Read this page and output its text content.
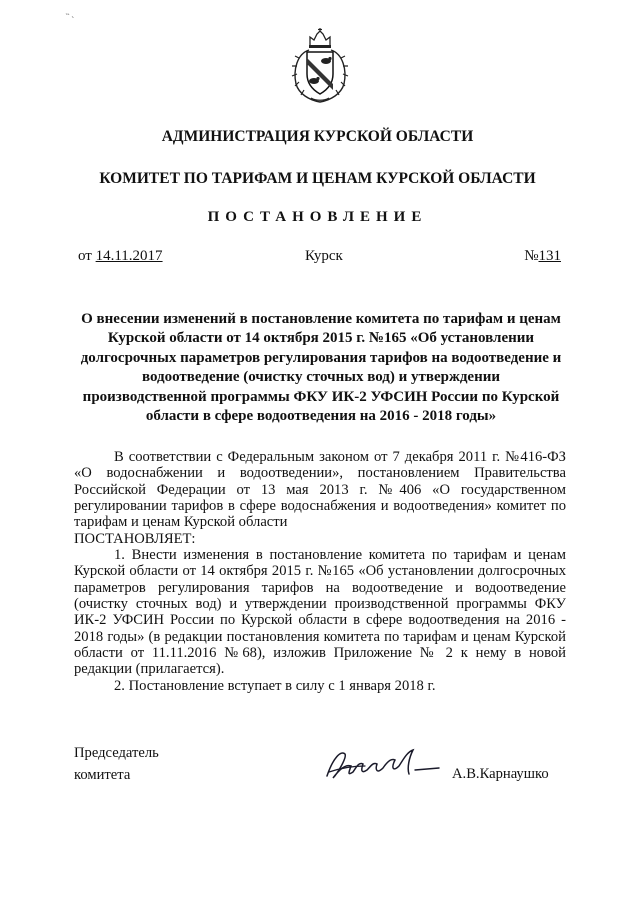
˵ ˎ
АДМИНИСТРАЦИЯ КУРСКОЙ ОБЛАСТИ
КОМИТЕТ ПО ТАРИФАМ И ЦЕНАМ КУРСКОЙ ОБЛАСТИ
ПОСТАНОВЛЕНИЕ
от 14.11.2017	Курск	№131
О внесении изменений в постановление комитета по тарифам и ценам
Курской области от 14 октября 2015 г. №165 «Об установлении
долгосрочных параметров регулирования тарифов на водоотведение и
водоотведение (очистку сточных вод) и утверждении
производственной программы ФКУ ИК-2 УФСИН России по Курской
области в сфере водоотведения на 2016 - 2018 годы»

В соответствии с Федеральным законом от 7 декабря 2011 г. №416-ФЗ «О водоснабжении и водоотведении», постановлением Правительства Российской Федерации от 13 мая 2013 г. №406 «О государственном регулировании тарифов в сфере водоснабжения и водоотведения» комитет по тарифам и ценам Курской области

ПОСТАНОВЛЯЕТ:

1. Внести изменения в постановление комитета по тарифам и ценам Курской области от 14 октября 2015 г. №165 «Об установлении долгосрочных параметров регулирования тарифов на водоотведение и водоотведение (очистку сточных вод) и утверждении производственной программы ФКУ ИК-2 УФСИН России по Курской области в сфере водоотведения на 2016 - 2018 годы» (в редакции постановления комитета по тарифам и ценам Курской области от 11.11.2016 №68), изложив Приложение № 2 к нему в новой редакции (прилагается).

2. Постановление вступает в силу с 1 января 2018 г.

Председатель
комитета	А.В.Карнаушко
